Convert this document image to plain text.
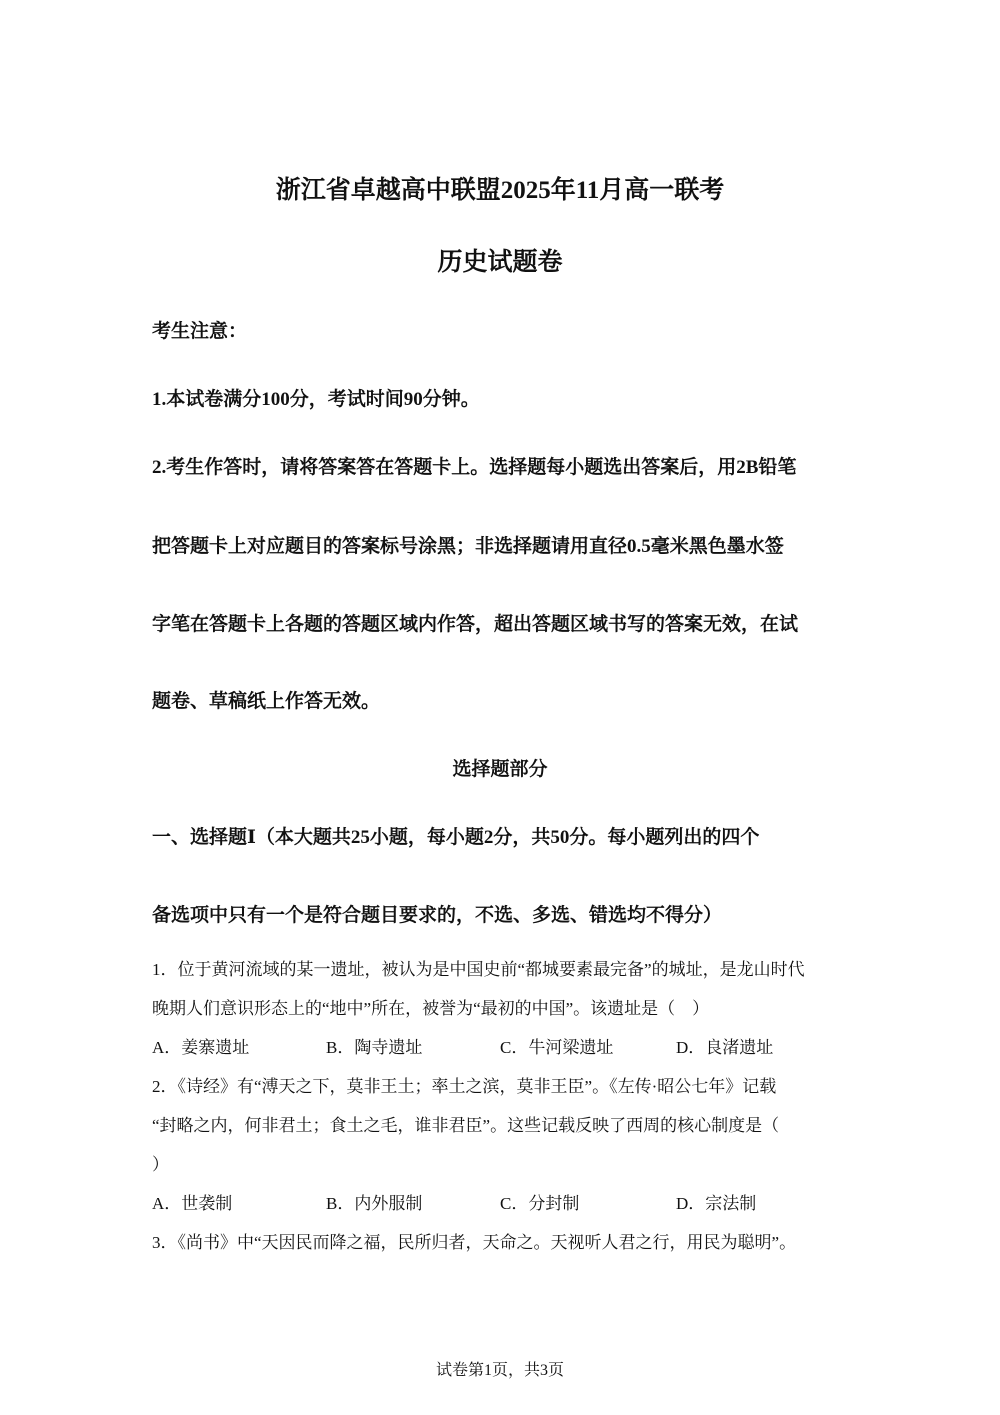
浙江省卓越高中联盟2025年11月高一联考
历史试题卷
考生注意：
1.本试卷满分100分，考试时间90分钟。
2.考生作答时，请将答案答在答题卡上。选择题每小题选出答案后，用2B铅笔
把答题卡上对应题目的答案标号涂黑；非选择题请用直径0.5毫米黑色墨水签
字笔在答题卡上各题的答题区域内作答，超出答题区域书写的答案无效，在试
题卷、草稿纸上作答无效。
选择题部分
一、选择题Ⅰ（本大题共25小题，每小题2分，共50分。每小题列出的四个
备选项中只有一个是符合题目要求的，不选、多选、错选均不得分）
1．位于黄河流域的某一遗址，被认为是中国史前“都城要素最完备”的城址，是龙山时代
晚期人们意识形态上的“地中”所在，被誉为“最初的中国”。该遗址是（　）
A．姜寨遗址	B．陶寺遗址	C．牛河梁遗址	D．良渚遗址
2．《诗经》有“溥天之下，莫非王土；率土之滨，莫非王臣”。《左传·昭公七年》记载
“封略之内，何非君土；食土之毛，谁非君臣”。这些记载反映了西周的核心制度是（
）
A．世袭制	B．内外服制	C．分封制	D．宗法制
3．《尚书》中“天因民而降之福，民所归者，天命之。天视听人君之行，用民为聪明”。
试卷第1页，共3页
